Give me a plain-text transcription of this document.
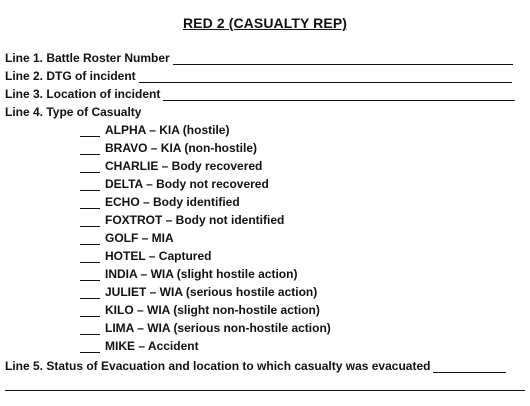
RED 2 (CASUALTY REP)
Line 1. Battle Roster Number
Line 2. DTG of incident
Line 3. Location of incident
Line 4. Type of Casualty
ALPHA – KIA (hostile)
BRAVO – KIA (non-hostile)
CHARLIE – Body recovered
DELTA – Body not recovered
ECHO – Body identified
FOXTROT – Body not identified
GOLF – MIA
HOTEL – Captured
INDIA – WIA (slight hostile action)
JULIET – WIA (serious hostile action)
KILO – WIA (slight non-hostile action)
LIMA – WIA (serious non-hostile action)
MIKE – Accident
Line 5. Status of Evacuation and location to which casualty was evacuated
